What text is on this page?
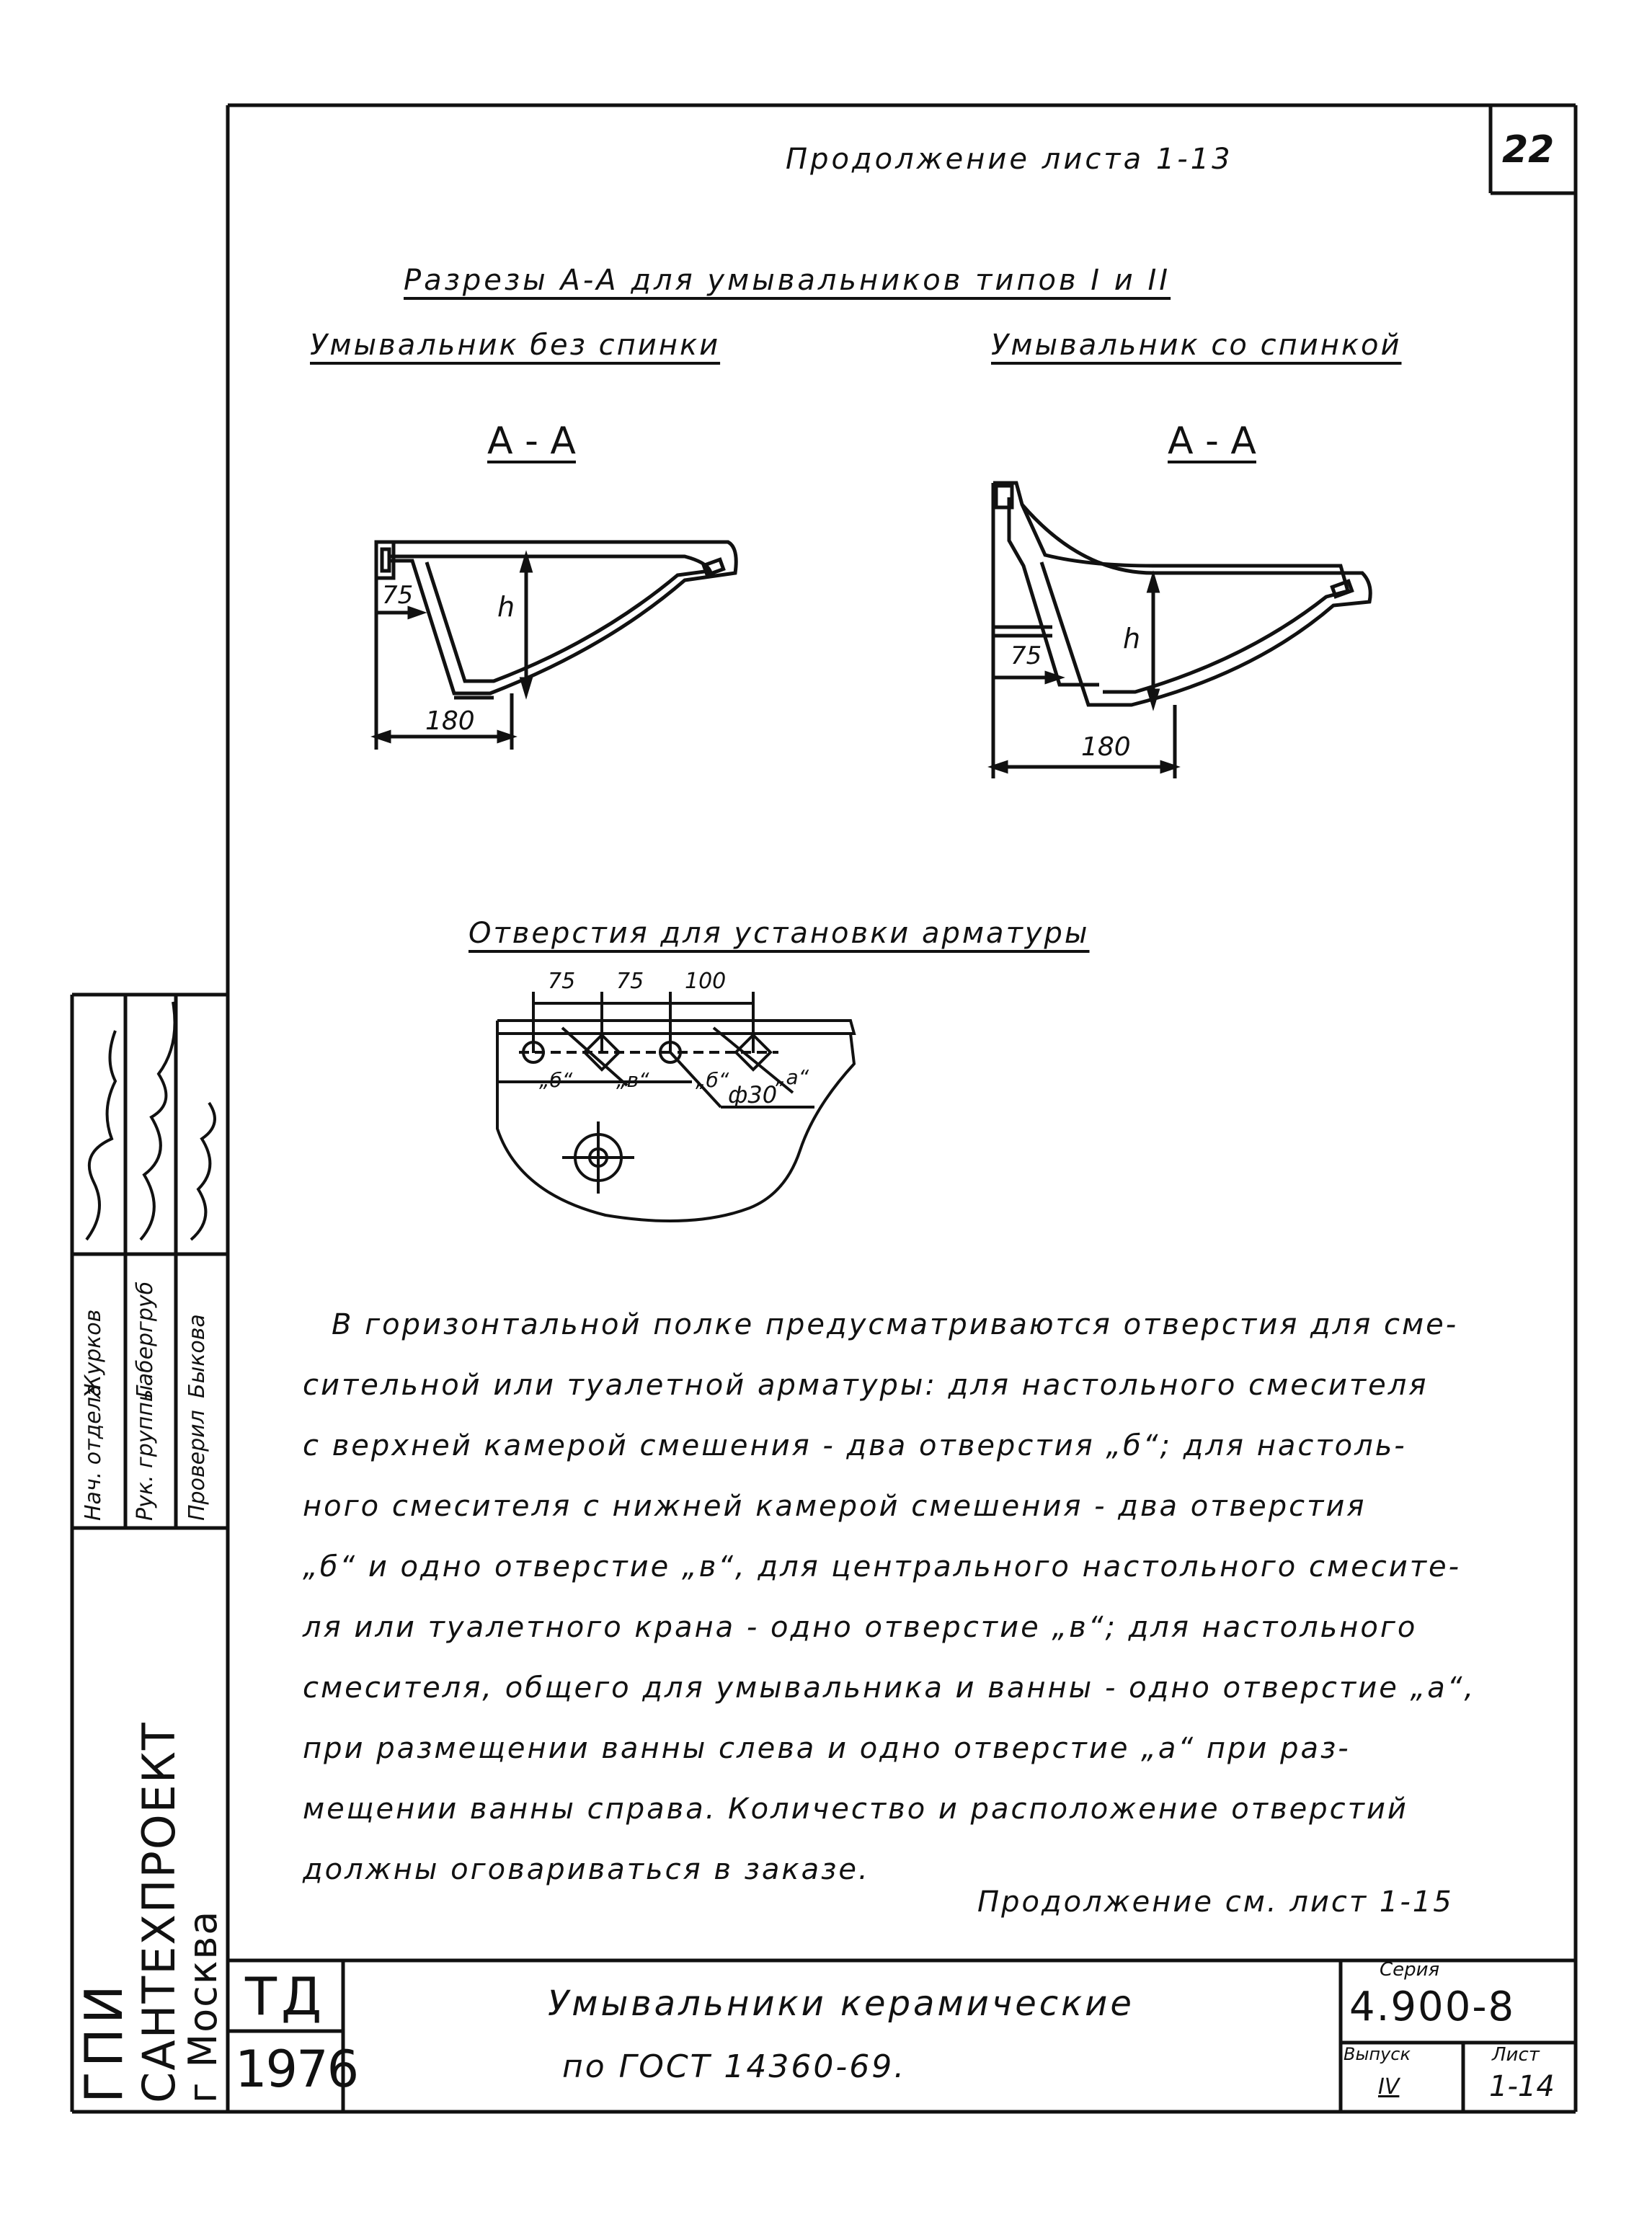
Продолжение листа 1-13	22
Разрезы А-А для умывальников типов I и II
Умывальник без спинки	Умывальник со спинкой
А - А	А - А
75	h
180
75
h
180
Отверстия для установки арматуры
75 75 100
„б“ „в“ „б“ „а“
ф30
В горизонтальной полке предусматриваются отверстия для сме-
сительной или туалетной арматуры: для настольного смесителя
с верхней камерой смешения - два отверстия „б“; для настоль-
ного смесителя с нижней камерой смешения - два отверстия
„б“ и одно отверстие „в“, для центрального настольного смесите-
ля или туалетного крана - одно отверстие „в“; для настольного
смесителя, общего для умывальника и ванны - одно отверстие „а“,
при размещении ванны слева и одно отверстие „а“ при раз-
мещении ванны справа. Количество и расположение отверстий
должны оговариваться в заказе.
Продолжение см. лист 1-15
ГПИ
САНТЕХПРОЕКТ
г Москва
Нач. отдела Рук. группы Проверил
Журков Габергруб Быкова
ТД
1976
Умывальники керамические
по ГОСТ 14360-69.
Серия
4.900-8
Выпуск
IV
Лист
1-14
